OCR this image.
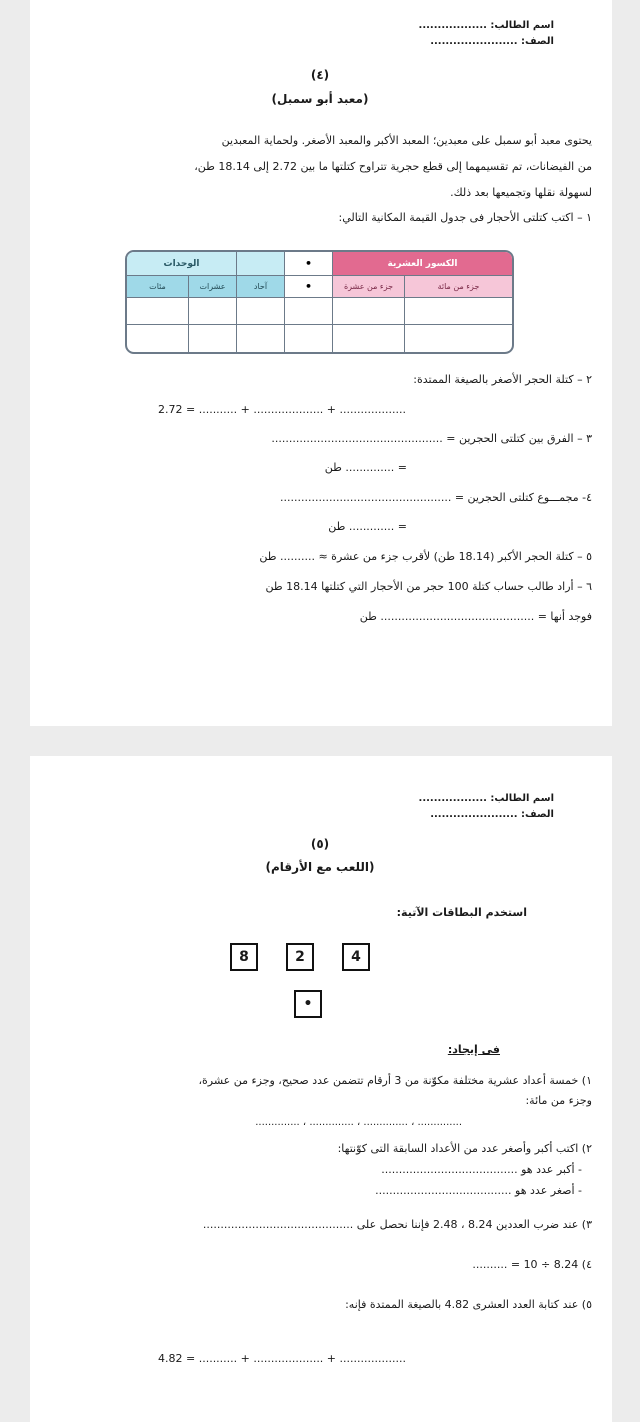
اسم الطالب: ..................
الصف: .......................
(٤)
(معبد أبو سمبل)
يحتوى معبد أبو سمبل على معبدين؛ المعبد الأكبر والمعبد الأصغر. ولحماية المعبدين
من الفيضانات، تم تقسيمهما إلى قطع حجرية تتراوح كتلتها ما بين 2.72 إلى 18.14 طن،
لسهولة نقلها وتجميعها بعد ذلك.
١ – اكتب كتلتى الأحجار فى جدول القيمة المكانية التالي:
الكسور العشرية
•
الوحدات
جزء من مائة
جزء من عشرة
•
آحاد
عشرات
مئات
٢ – كتلة الحجر الأصغر بالصيغة الممتدة:
2.72 = ........... + .................... + ...................
٣ – الفرق بين كتلتى الحجرين = .................................................
= .............. طن
٤- مجمـــوع كتلتى الحجرين = .................................................
= ............. طن
٥ – كتلة الحجر الأكبر (18.14 طن) لأقرب جزء من عشرة ≈ .......... طن
٦ – أراد طالب حساب كتلة 100 حجر من الأحجار التي كتلتها 18.14 طن
فوجد أنها = ............................................ طن
اسم الطالب: ..................
الصف: .......................
(٥)
(اللعب مع الأرقام)
استخدم البطاقات الآتية:
8	2	4
•
فى إيجاد:
١) خمسة أعداد عشرية مختلفة مكوّنة من 3 أرقام تتضمن عدد صحيح، وجزء من عشرة،
وجزء من مائة:
.............. ، .............. ، .............. ، ..............
٢) اكتب أكبر وأصغر عدد من الأعداد السابقة التى كوّنتها:
- أكبر عدد هو .......................................
- أصغر عدد هو .......................................
٣) عند ضرب العددين 8.24 ، 2.48 فإننا نحصل على ...........................................
٤) 8.24 ÷ 10 = ..........
٥) عند كتابة العدد العشرى 4.82 بالصيغة الممتدة فإنه:
4.82 = ........... + .................... + ...................
